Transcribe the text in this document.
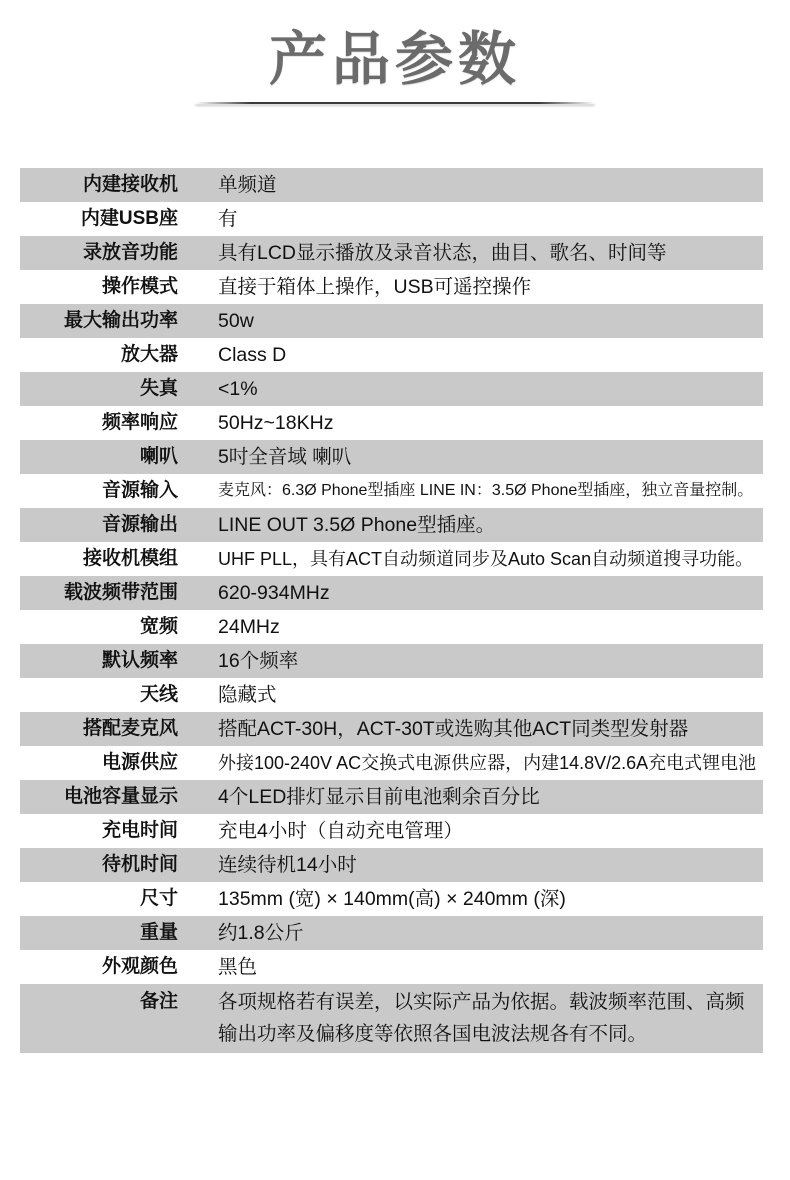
产品参数
内建接收机 单频道
内建USB座 有
录放音功能 具有LCD显示播放及录音状态，曲目、歌名、时间等
操作模式 直接于箱体上操作，USB可遥控操作
最大输出功率 50w
放大器 Class D
失真 <1%
频率响应 50Hz~18KHz
喇叭 5吋全音域 喇叭
音源输入	麦克风：6.3Ø Phone型插座 LINE IN：3.5Ø Phone型插座，独立音量控制。
音源输出 LINE OUT 3.5Ø Phone型插座。
接收机模组 UHF PLL，具有ACT自动频道同步及Auto Scan自动频道搜寻功能。
载波频带范围 620-934MHz
宽频 24MHz
默认频率 16个频率
天线 隐藏式
搭配麦克风 搭配ACT-30H，ACT-30T或选购其他ACT同类型发射器
电源供应 外接100-240V AC交换式电源供应器，内建14.8V/2.6A充电式锂电池
电池容量显示 4个LED排灯显示目前电池剩余百分比
充电时间 充电4小时（自动充电管理）
待机时间 连续待机14小时
尺寸 135mm (宽) × 140mm(高) × 240mm (深)
重量 约1.8公斤
外观颜色 黑色
备注 各项规格若有误差，以实际产品为依据。载波频率范围、高频输出功率及偏移度等依照各国电波法规各有不同。
